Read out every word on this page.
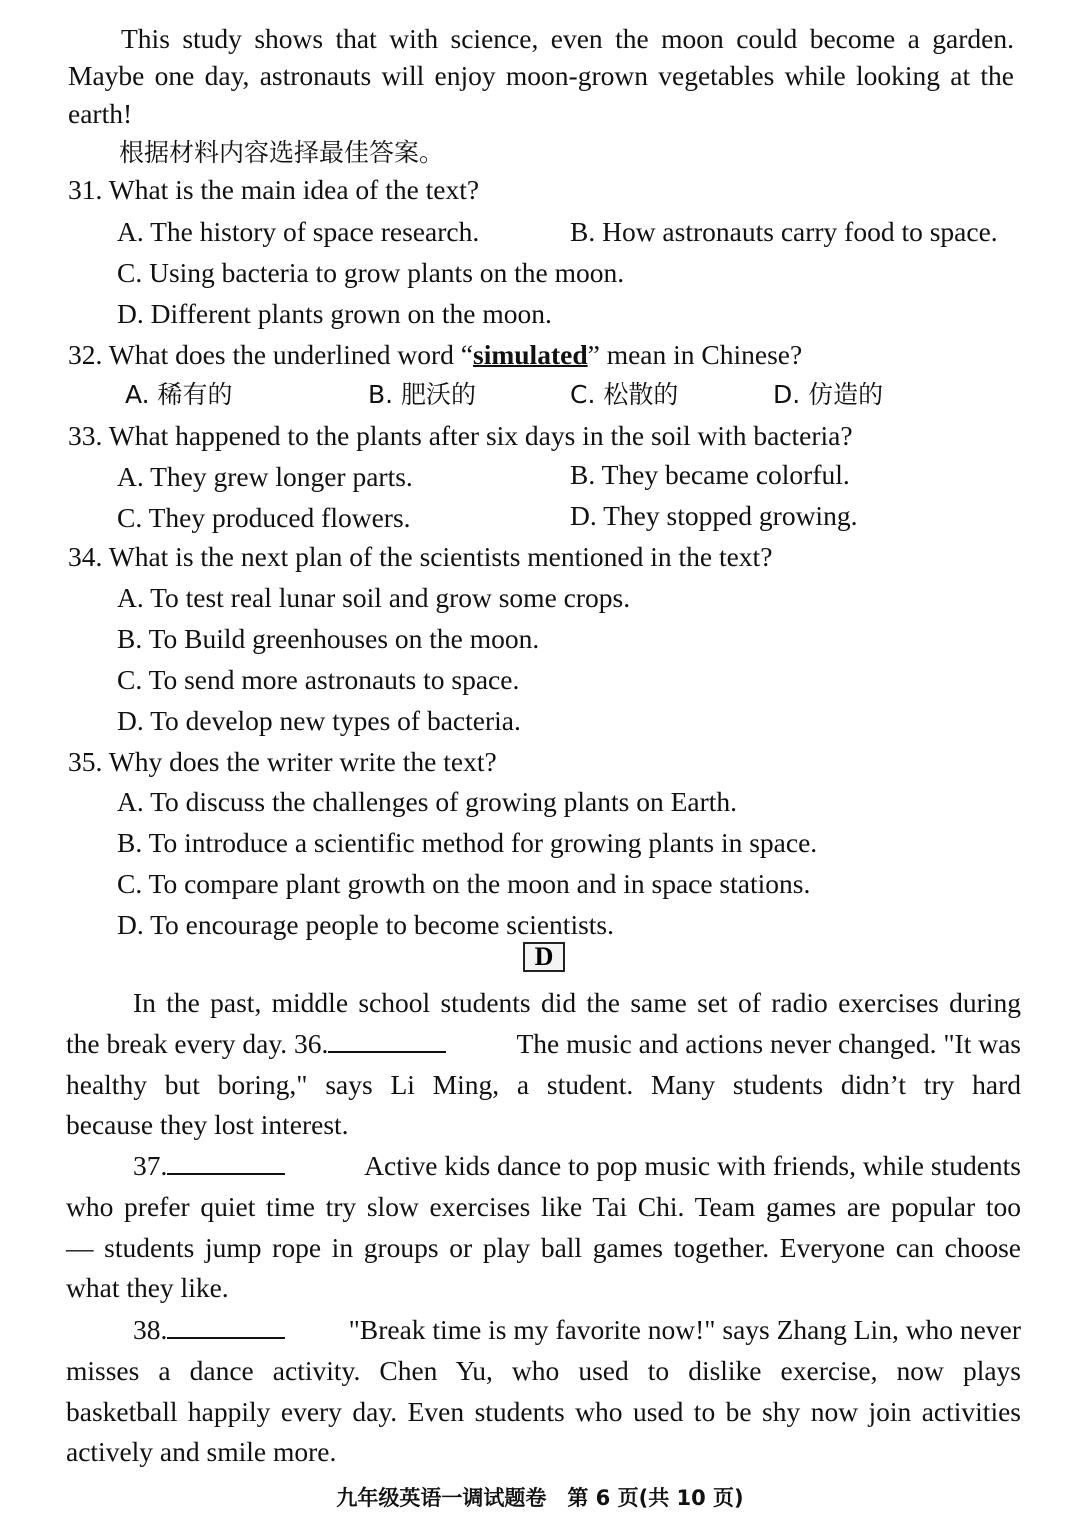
This study shows that with science, even the moon could become a garden.
Maybe one day, astronauts will enjoy moon-grown vegetables while looking at the
earth!
根据材料内容选择最佳答案。
31. What is the main idea of the text?
A. The history of space research.	B. How astronauts carry food to space.
C. Using bacteria to grow plants on the moon.
D. Different plants grown on the moon.
32. What does the underlined word “simulated” mean in Chinese?
A. 稀有的	B. 肥沃的	C. 松散的	D. 仿造的
33. What happened to the plants after six days in the soil with bacteria?
A. They grew longer parts.	B. They became colorful.
C. They produced flowers.	D. They stopped growing.
34. What is the next plan of the scientists mentioned in the text?
A. To test real lunar soil and grow some crops.
B. To Build greenhouses on the moon.
C. To send more astronauts to space.
D. To develop new types of bacteria.
35. Why does the writer write the text?
A. To discuss the challenges of growing plants on Earth.
B. To introduce a scientific method for growing plants in space.
C. To compare plant growth on the moon and in space stations.
D. To encourage people to become scientists.
D
In the past, middle school students did the same set of radio exercises during
the break every day. 36.	The music and actions never changed. "It was
healthy but boring," says Li Ming, a student. Many students didn’t try hard
because they lost interest.
37.	Active kids dance to pop music with friends, while students
who prefer quiet time try slow exercises like Tai Chi. Team games are popular too
— students jump rope in groups or play ball games together. Everyone can choose
what they like.
38.	"Break time is my favorite now!" says Zhang Lin, who never
misses a dance activity. Chen Yu, who used to dislike exercise, now plays
basketball happily every day. Even students who used to be shy now join activities
actively and smile more.
九年级英语一调试题卷　第 6 页(共 10 页)
